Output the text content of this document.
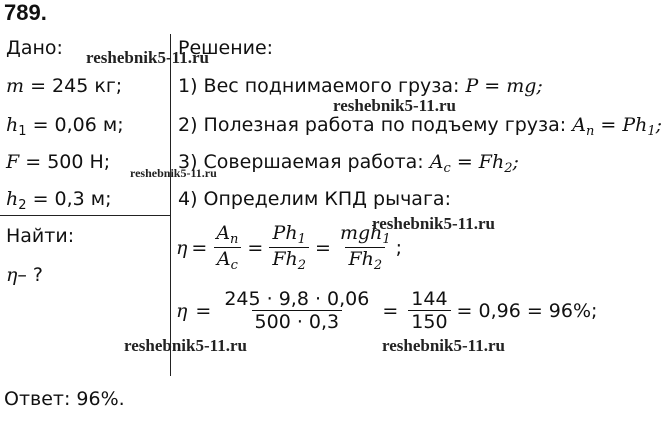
789.
Дано:
m = 245 кг;
$h_1 = 0,06$ м;
F = 500 Н;
$h_2 = 0,3$ м;
Найти:
η– ?
Решение:
1) Вес поднимаемого груза: P = mg;
2) Полезная работа по подъему груза: $A_п = Ph_1$;
3) Совершаемая работа: $A_с = Fh_2$;
4) Определим КПД рычага:
$\eta = \frac{A_п}{A_с} = \frac{Ph_1}{Fh_2} = \frac{mgh_1}{Fh_2}$ ;
$\eta = \frac{245 \cdot 9,8 \cdot 0,06}{500 \cdot 0,3} = \frac{144}{150} = 0,96 = 96\%$;
Ответ: 96%.
reshebnik5-11.ru
reshebnik5-11.ru
reshebnik5-11.ru
reshebnik5-11.ru
reshebnik5-11.ru	reshebnik5-11.ru
